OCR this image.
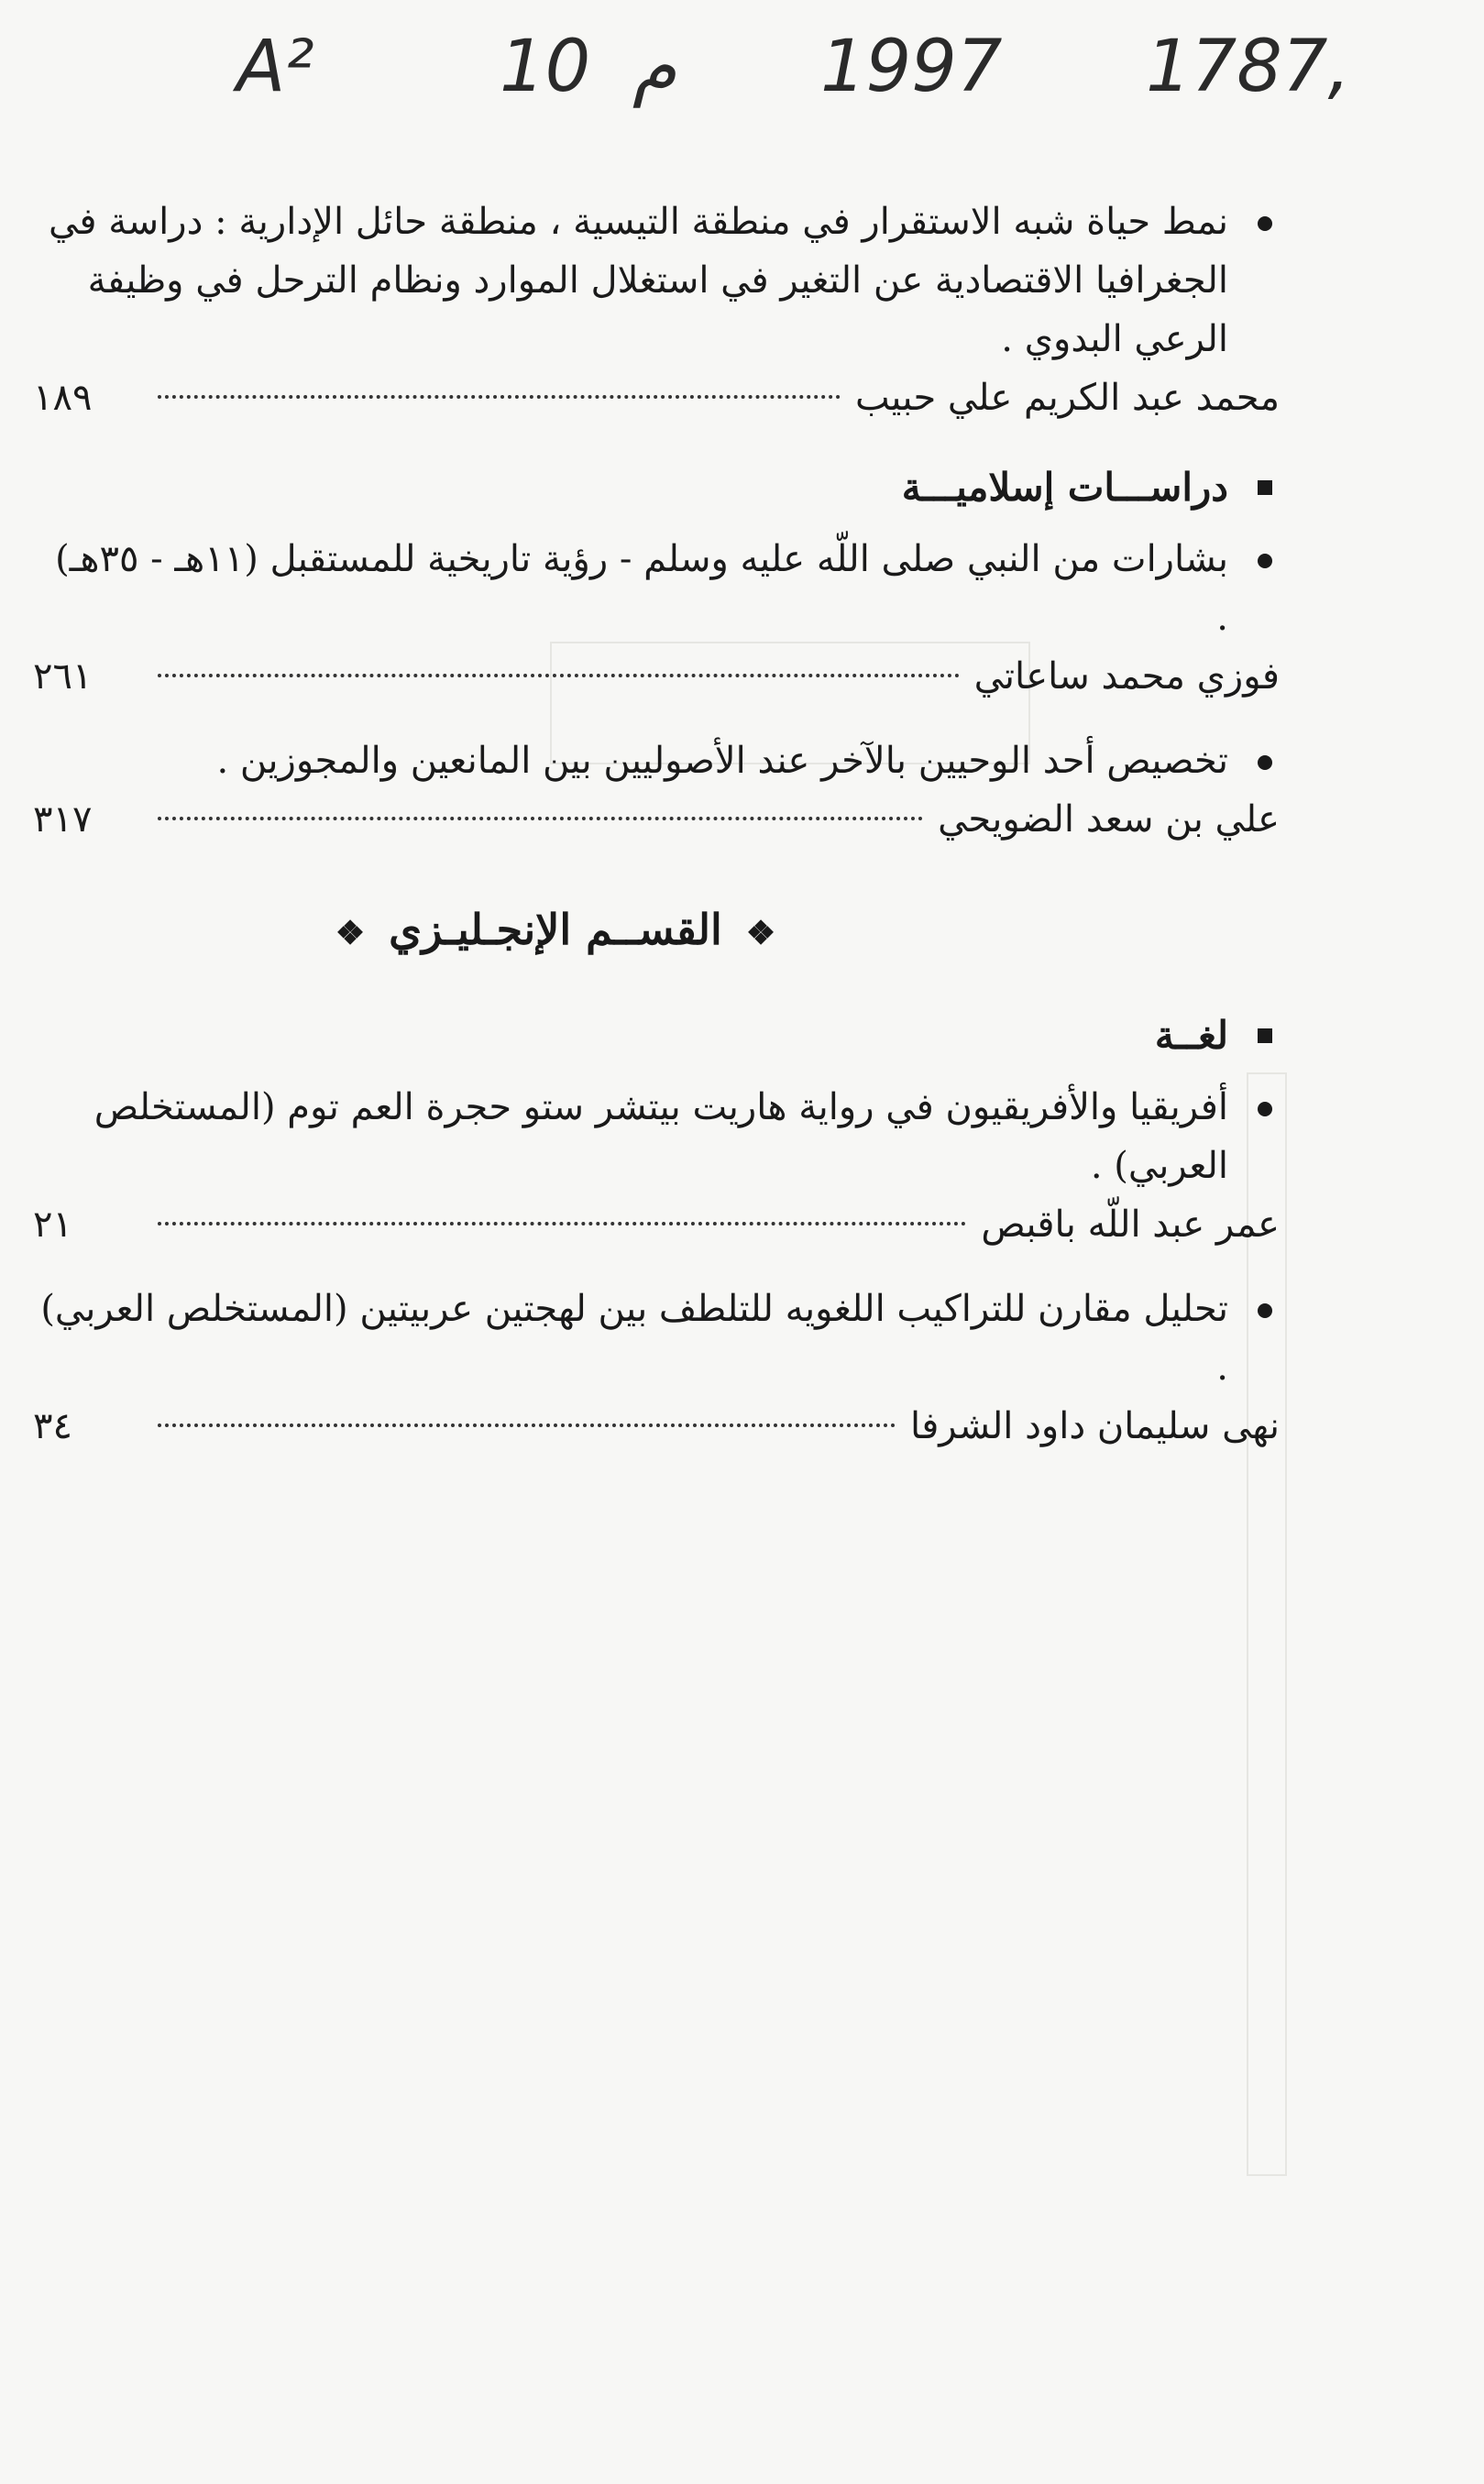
A²	10 م 1997 1787,
نمط حياة شبه الاستقرار في منطقة التيسية ، منطقة حائل الإدارية : دراسة في الجغرافيا الاقتصادية عن التغير في استغلال الموارد ونظام الترحل في وظيفة الرعي البدوي .
محمد عبد الكريم علي حبيب
١٨٩
دراســـات إسلاميـــة
بشارات من النبي صلى اللّه عليه وسلم - رؤية تاريخية للمستقبل (١١هـ - ٣٥هـ) .
فوزي محمد ساعاتي
٢٦١
تخصيص أحد الوحيين بالآخر عند الأصوليين بين المانعين والمجوزين .
علي بن سعد الضويحي
٣١٧
❖ القســم الإنجـليـزي ❖
لغــة
أفريقيا والأفريقيون في رواية هاريت بيتشر ستو حجرة العم توم (المستخلص العربي) .
عمر عبد اللّه باقبص
٢١
تحليل مقارن للتراكيب اللغويه للتلطف بين لهجتين عربيتين (المستخلص العربي) .
نهى سليمان داود الشرفا
٣٤
